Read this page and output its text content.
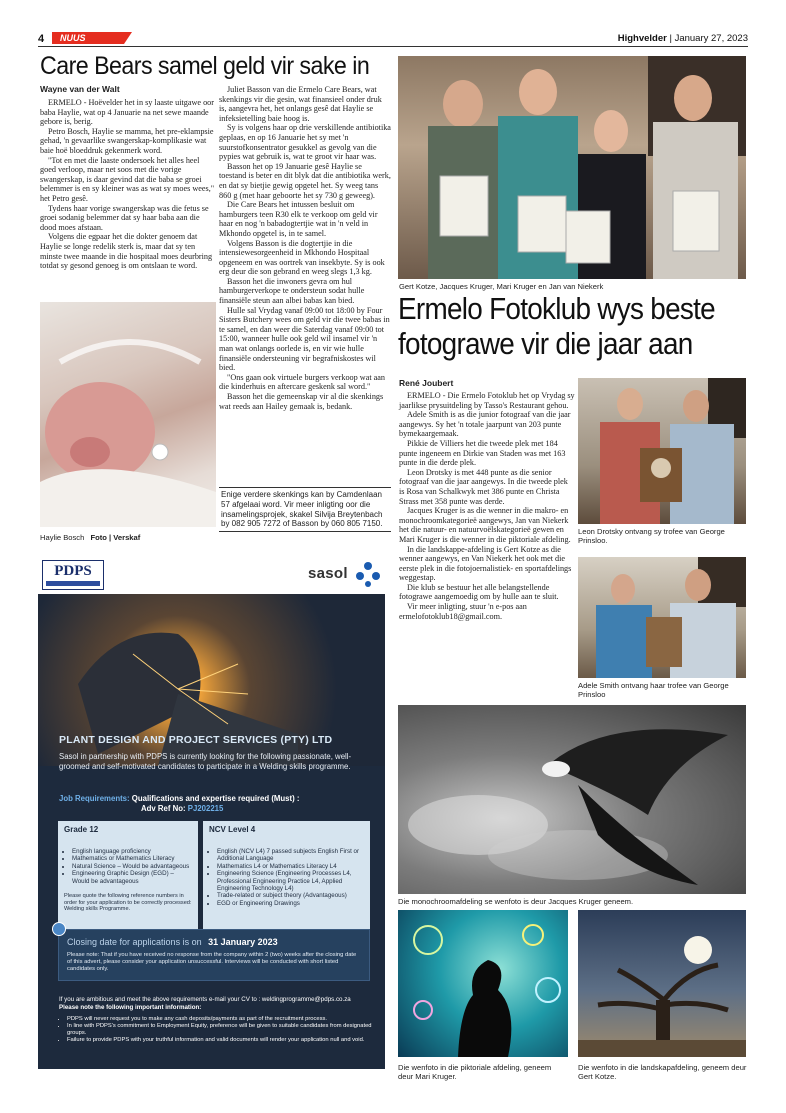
4 NUUS	Highvelder | January 27, 2023
Care Bears samel geld vir sake in
Wayne van der Walt

ERMELO - Hoëvelder het in sy laaste uitgawe oor baba Haylie, wat op 4 Januarie na net sewe maande gebore is, berig.

Petro Bosch, Haylie se mamma, het pre-eklampsie gehad, 'n gevaarlike swangerskap-komplikasie wat baie hoë bloeddruk gekenmerk word.

"Tot en met die laaste ondersoek het alles heel goed verloop, maar net soos met die vorige swangerskap, is daar gevind dat die baba se groei belemmer is en sy kleiner was as wat sy moes wees," het Petro gesê.

Tydens haar vorige swangerskap was die fetus se groei sodanig belemmer dat sy haar baba aan die dood moes afstaan.

Volgens die egpaar het die dokter genoem dat Haylie se longe redelik sterk is, maar dat sy ten minste twee maande in die hospitaal moes deurbring totdat sy gesond genoeg is om ontslaan te word.

Haylie Bosch Foto | Verskaf

Juliet Basson van die Ermelo Care Bears, wat skenkings vir die gesin, wat finansieel onder druk is, aangevra het, het onlangs gesê dat Haylie se infeksietelling baie hoog is.

Sy is volgens haar op drie verskillende antibiotika geplaas, en op 16 Januarie het sy met 'n suurstofkonsentrator gesukkel as gevolg van die pypies wat gebruik is, wat te groot vir haar was.

Basson het op 19 Januarie gesê Haylie se toestand is beter en dit blyk dat die antibiotika werk, en dat sy bietjie gewig opgetel het. Sy weeg tans 860 g (met haar geboorte het sy 730 g geweeg).

Die Care Bears het intussen besluit om hamburgers teen R30 elk te verkoop om geld vir haar en nog 'n babadogtertjie wat in 'n veld in Mkhondo opgetel is, in te samel.

Volgens Basson is die dogtertjie in die intensiewesorgeenheid in Mkhondo Hospitaal opgeneem en was oortrek van insekbyte. Sy is ook erg deur die son gebrand en weeg slegs 1,3 kg.

Basson het die inwoners gevra om hul hamburgerverkope te ondersteun sodat hulle finansiële steun aan albei babas kan bied.

Hulle sal Vrydag vanaf 09:00 tot 18:00 by Four Sisters Butchery wees om geld vir die twee babas in te samel, en dan weer die Saterdag vanaf 09:00 tot 15:00, wanneer hulle ook geld wil insamel vir 'n man wat onlangs oorlede is, en vir wie hulle finansiële ondersteuning vir begrafniskostes wil bied.

"Ons gaan ook virtuele burgers verkoop wat aan die kinderhuis en aftercare geskenk sal word."

Basson het die gemeenskap vir al die skenkings wat reeds aan Hailey gemaak is, bedank.

Enige verdere skenkings kan by Camdenlaan 57 afgelaai word. Vir meer inligting oor die insamelingsprojek, skakel Silvija Breytenbach by 082 905 7272 of Basson by 060 805 7150.
Gert Kotze, Jacques Kruger, Mari Kruger en Jan van Niekerk
Ermelo Fotoklub wys beste fotograwe vir die jaar aan
René Joubert

ERMELO - Die Ermelo Fotoklub het op Vrydag sy jaarlikse prysuitdeling by Tasso's Restaurant gehou.

Adele Smith is as die junior fotograaf van die jaar aangewys. Sy het 'n totale jaarpunt van 203 punte bymekaargemaak.

Pikkie de Villiers het die tweede plek met 184 punte ingeneem en Dirkie van Staden was met 163 punte in die derde plek.

Leon Drotsky is met 448 punte as die senior fotograaf van die jaar aangewys. In die tweede plek is Rosa van Schalkwyk met 386 punte en Christa Strass met 358 punte was derde.

Jacques Kruger is as die wenner in die makro- en monochroomkategorieë aangewys, Jan van Niekerk het die natuur- en natuurvoëlskategorieë gewen en Mari Kruger is die wenner in die piktoriale afdeling.

In die landskappe-afdeling is Gert Kotze as die wenner aangewys, en Van Niekerk het ook met die eerste plek in die fotojoernalistiek- en sportafdelings weggestap.

Die klub se bestuur het alle belangstellende fotograwe aangemoedig om by hulle aan te sluit.

Vir meer inligting, stuur 'n e-pos aan ermelofotoklub18@gmail.com.

Leon Drotsky ontvang sy trofee van George Prinsloo.
Adele Smith ontvang haar trofee van George Prinsloo
Die monochroomafdeling se wenfoto is deur Jacques Kruger geneem.
Die wenfoto in die piktoriale afdeling, geneem deur Mari Kruger.
Die wenfoto in die landskapafdeling, geneem deur Gert Kotze.
PDPS	sasol
PLANT DESIGN AND PROJECT SERVICES (PTY) LTD
Sasol in partnership with PDPS is currently looking for the following passionate, well-groomed and self-motivated candidates to participate in a Welding skills programme.
Job Requirements: Qualifications and expertise required (Must) :
Adv Ref No: PJ202215
Grade 12
• English language proficiency
• Mathematics or Mathematics Literacy
• Natural Science – Would be advantageous
• Engineering Graphic Design (EGD) – Would be advantageous
Please quote the following reference numbers in order for your application to be correctly processed: Welding skills Programme.
NCV Level 4
• English (NCV L4) 7 passed subjects English First or Additional Language
• Mathematics L4 or Mathematics Literacy L4
• Engineering Science (Engineering Processes L4, Professional Engineering Practice L4, Applied Engineering Technology L4)
• Trade-related or subject theory (Advantageous)
• EGD or Engineering Drawings
Closing date for applications is on 31 January 2023
Please note: That if you have received no response from the company within 2 (two) weeks after the closing date of this advert, please consider your application unsuccessful. Interviews will be conducted with short listed candidates only.
If you are ambitious and meet the above requirements e-mail your CV to : weldingprogramme@pdps.co.za
Please note the following important information:
• PDPS will never request you to make any cash deposits/payments as part of the recruitment process.
• In line with PDPS's commitment to Employment Equity, preference will be given to suitable candidates from designated groups.
• Failure to provide PDPS with your truthful information and valid documents will render your application null and void.
